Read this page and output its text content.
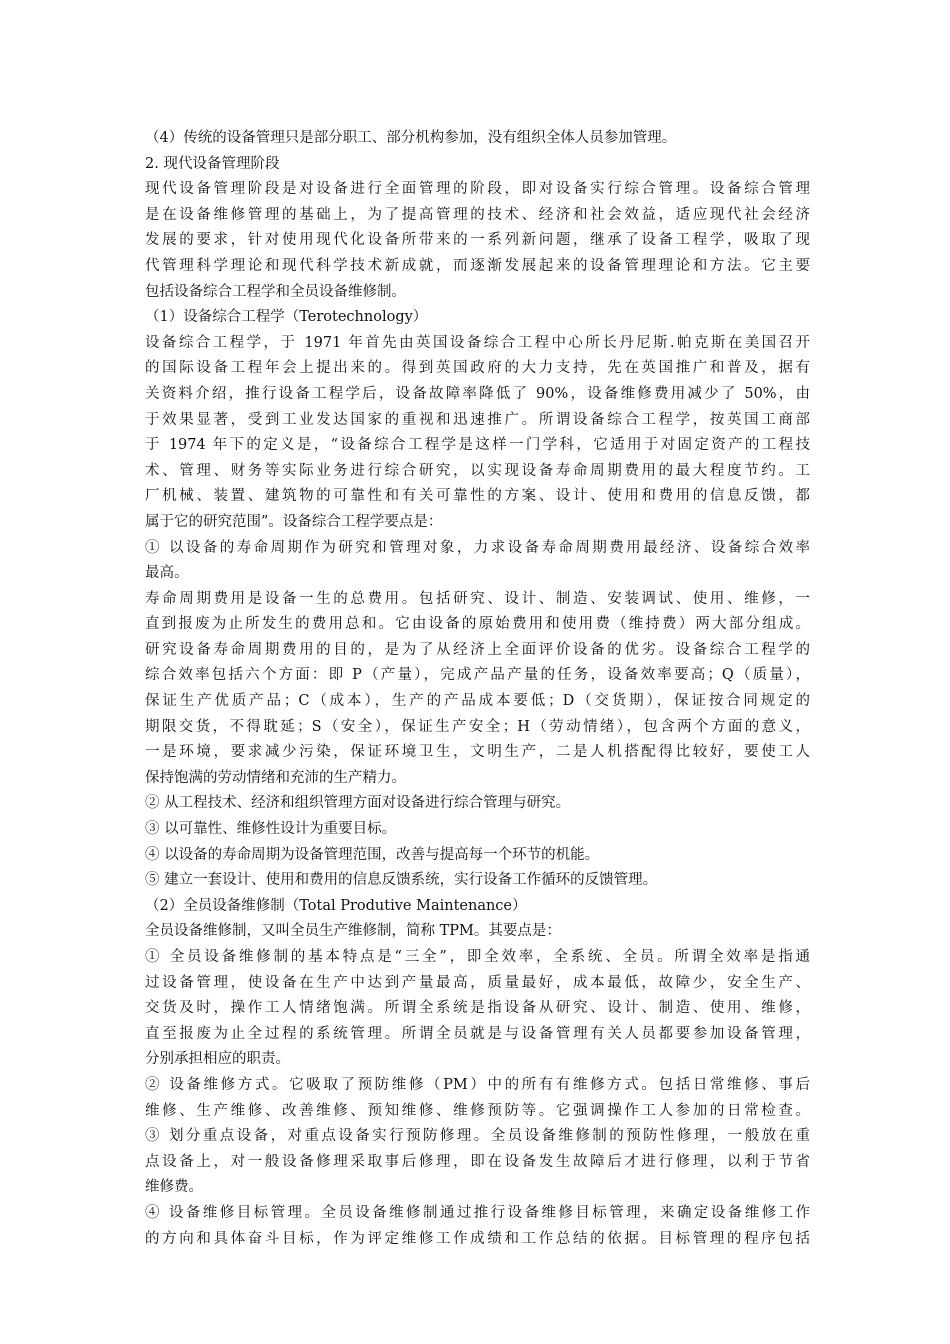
（4）传统的设备管理只是部分职工、部分机构参加，没有组织全体人员参加管理。
2. 现代设备管理阶段
现代设备管理阶段是对设备进行全面管理的阶段，即对设备实行综合管理。设备综合管理
是在设备维修管理的基础上，为了提高管理的技术、经济和社会效益，适应现代社会经济
发展的要求，针对使用现代化设备所带来的一系列新问题，继承了设备工程学，吸取了现
代管理科学理论和现代科学技术新成就，而逐渐发展起来的设备管理理论和方法。它主要
包括设备综合工程学和全员设备维修制。
（1）设备综合工程学（Terotechnology）
设备综合工程学，于 1971 年首先由英国设备综合工程中心所长丹尼斯.帕克斯在美国召开
的国际设备工程年会上提出来的。得到英国政府的大力支持，先在英国推广和普及，据有
关资料介绍，推行设备工程学后，设备故障率降低了 90%，设备维修费用减少了 50%，由
于效果显著，受到工业发达国家的重视和迅速推广。所谓设备综合工程学，按英国工商部
于 1974 年下的定义是，“设备综合工程学是这样一门学科，它适用于对固定资产的工程技
术、管理、财务等实际业务进行综合研究，以实现设备寿命周期费用的最大程度节约。工
厂机械、装置、建筑物的可靠性和有关可靠性的方案、设计、使用和费用的信息反馈，都
属于它的研究范围”。设备综合工程学要点是：
① 以设备的寿命周期作为研究和管理对象，力求设备寿命周期费用最经济、设备综合效率
最高。
寿命周期费用是设备一生的总费用。包括研究、设计、制造、安装调试、使用、维修，一
直到报废为止所发生的费用总和。它由设备的原始费用和使用费（维持费）两大部分组成。
研究设备寿命周期费用的目的，是为了从经济上全面评价设备的优劣。设备综合工程学的
综合效率包括六个方面：即 P（产量），完成产品产量的任务，设备效率要高；Q（质量），
保证生产优质产品；C（成本），生产的产品成本要低；D（交货期），保证按合同规定的
期限交货，不得耽延；S（安全），保证生产安全；H（劳动情绪），包含两个方面的意义，
一是环境，要求减少污染，保证环境卫生，文明生产，二是人机搭配得比较好，要使工人
保持饱满的劳动情绪和充沛的生产精力。
② 从工程技术、经济和组织管理方面对设备进行综合管理与研究。
③ 以可靠性、维修性设计为重要目标。
④ 以设备的寿命周期为设备管理范围，改善与提高每一个环节的机能。
⑤ 建立一套设计、使用和费用的信息反馈系统，实行设备工作循环的反馈管理。
（2）全员设备维修制（Total Produtive Maintenance）
全员设备维修制，又叫全员生产维修制，简称 TPM。其要点是：
① 全员设备维修制的基本特点是“三全”，即全效率，全系统、全员。所谓全效率是指通
过设备管理，使设备在生产中达到产量最高，质量最好，成本最低，故障少，安全生产、
交货及时，操作工人情绪饱满。所谓全系统是指设备从研究、设计、制造、使用、维修，
直至报废为止全过程的系统管理。所谓全员就是与设备管理有关人员都要参加设备管理，
分别承担相应的职责。
② 设备维修方式。它吸取了预防维修（PM）中的所有有维修方式。包括日常维修、事后
维修、生产维修、改善维修、预知维修、维修预防等。它强调操作工人参加的日常检查。
③ 划分重点设备，对重点设备实行预防修理。全员设备维修制的预防性修理，一般放在重
点设备上，对一般设备修理采取事后修理，即在设备发生故障后才进行修理，以利于节省
维修费。
④ 设备维修目标管理。全员设备维修制通过推行设备维修目标管理，来确定设备维修工作
的方向和具体奋斗目标，作为评定维修工作成绩和工作总结的依据。目标管理的程序包括
